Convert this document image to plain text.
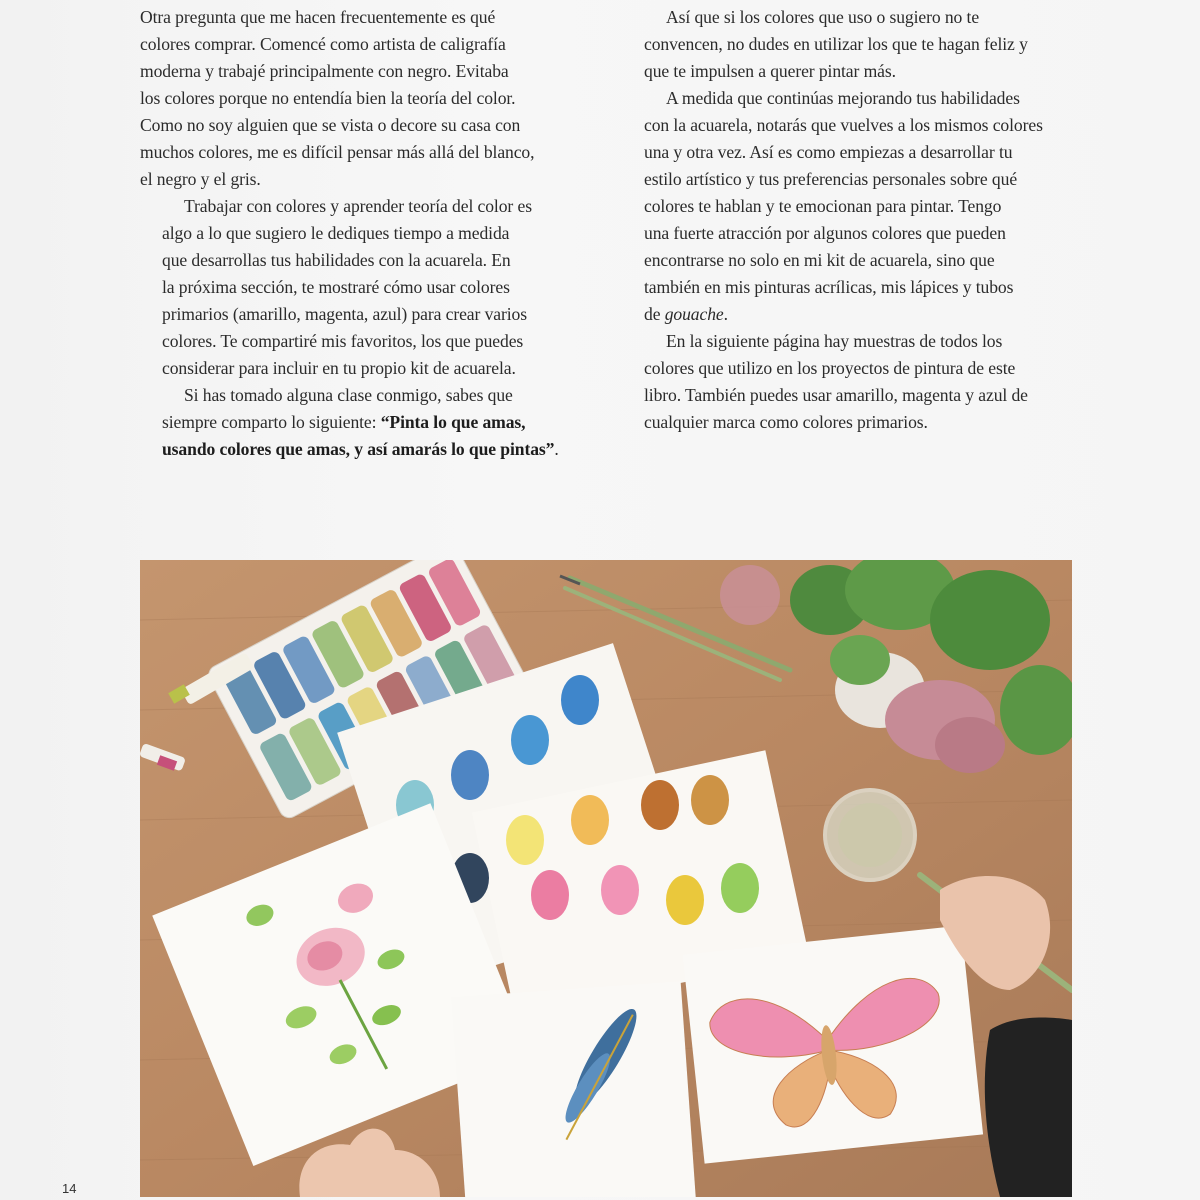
Otra pregunta que me hacen frecuentemente es qué
colores comprar. Comencé como artista de caligrafía
moderna y trabajé principalmente con negro. Evitaba
los colores porque no entendía bien la teoría del color.
Como no soy alguien que se vista o decore su casa con
muchos colores, me es difícil pensar más allá del blanco,
el negro y el gris.

Trabajar con colores y aprender teoría del color es
algo a lo que sugiero le dediques tiempo a medida
que desarrollas tus habilidades con la acuarela. En
la próxima sección, te mostraré cómo usar colores
primarios (amarillo, magenta, azul) para crear varios
colores. Te compartiré mis favoritos, los que puedes
considerar para incluir en tu propio kit de acuarela.

Si has tomado alguna clase conmigo, sabes que
siempre comparto lo siguiente: “Pinta lo que amas,
usando colores que amas, y así amarás lo que pintas”.

Así que si los colores que uso o sugiero no te
convencen, no dudes en utilizar los que te hagan feliz y
que te impulsen a querer pintar más.

A medida que continúas mejorando tus habilidades
con la acuarela, notarás que vuelves a los mismos colores
una y otra vez. Así es como empiezas a desarrollar tu
estilo artístico y tus preferencias personales sobre qué
colores te hablan y te emocionan para pintar. Tengo
una fuerte atracción por algunos colores que pueden
encontrarse no solo en mi kit de acuarela, sino que
también en mis pinturas acrílicas, mis lápices y tubos
de gouache.

En la siguiente página hay muestras de todos los
colores que utilizo en los proyectos de pintura de este
libro. También puedes usar amarillo, magenta y azul de
cualquier marca como colores primarios.

14
